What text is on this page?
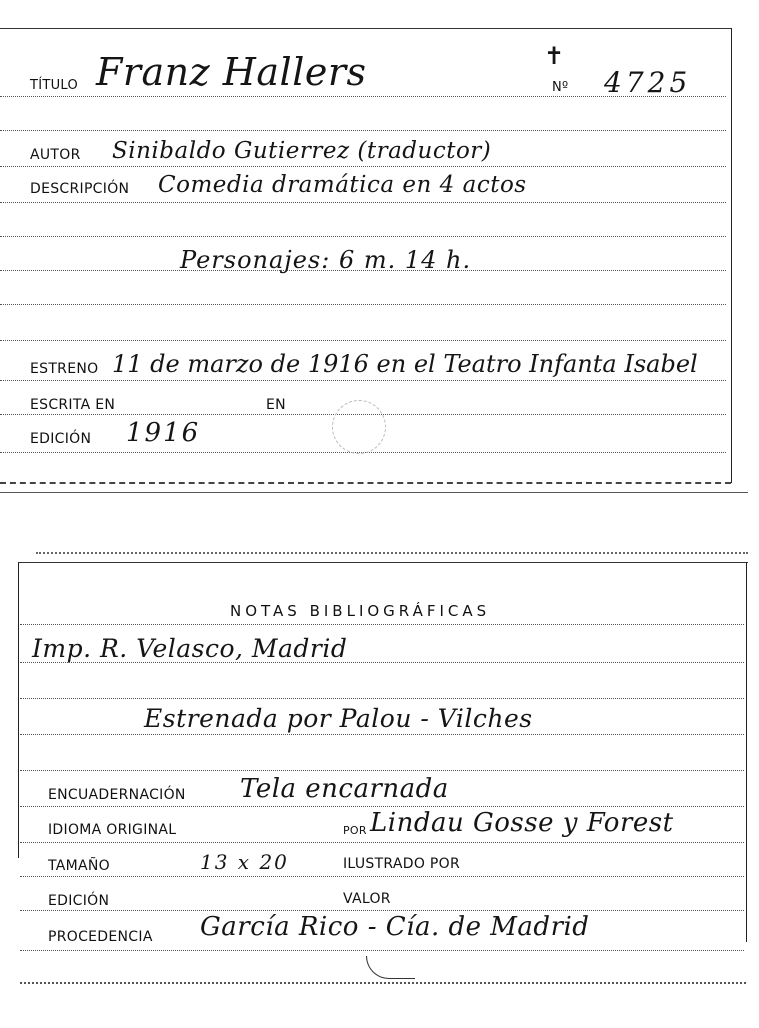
TÍTULO Franz Hallers	✝
Nº 4725
AUTOR Sinibaldo Gutierrez (traductor)
DESCRIPCIÓN Comedia dramática en 4 actos
Personajes: 6 m. 14 h.
ESTRENO 11 de marzo de 1916 en el Teatro Infanta Isabel
ESCRITA EN	EN
EDICIÓN 1916
NOTAS BIBLIOGRÁFICAS
Imp. R. Velasco, Madrid
Estrenada por Palou - Vilches
ENCUADERNACIÓN Tela encarnada
IDIOMA ORIGINAL	POR Lindau Gosse y Forest
TAMAÑO	13 x 20	ILUSTRADO POR
EDICIÓN	VALOR
PROCEDENCIA García Rico - Cía. de Madrid
